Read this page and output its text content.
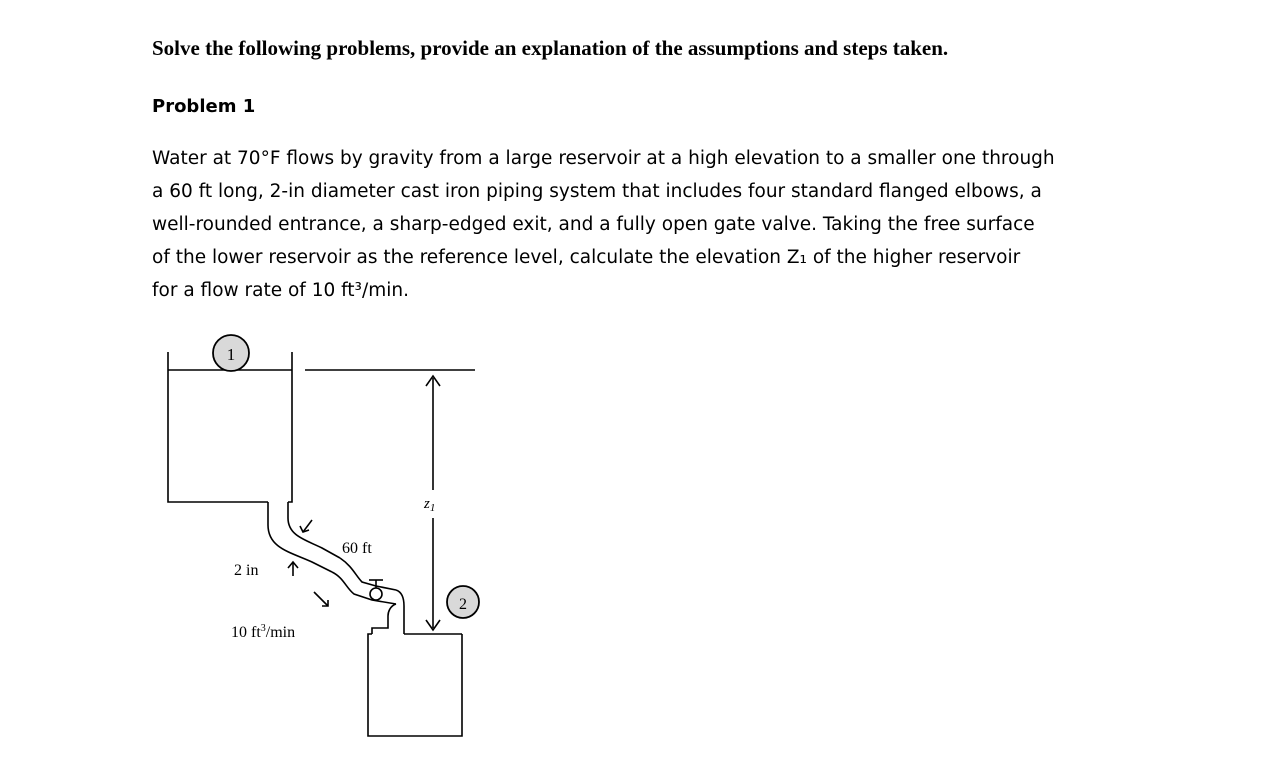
Solve the following problems, provide an explanation of the assumptions and steps taken.
Problem 1

Water at 70°F flows by gravity from a large reservoir at a high elevation to a smaller one through
a 60 ft long, 2-in diameter cast iron piping system that includes four standard flanged elbows, a
well-rounded entrance, a sharp-edged exit, and a fully open gate valve. Taking the free surface
of the lower reservoir as the reference level, calculate the elevation Z₁ of the higher reservoir
for a flow rate of 10 ft³/min.

1
2
$z_1$
60 ft
2 in
10 $ft^3/\min$
